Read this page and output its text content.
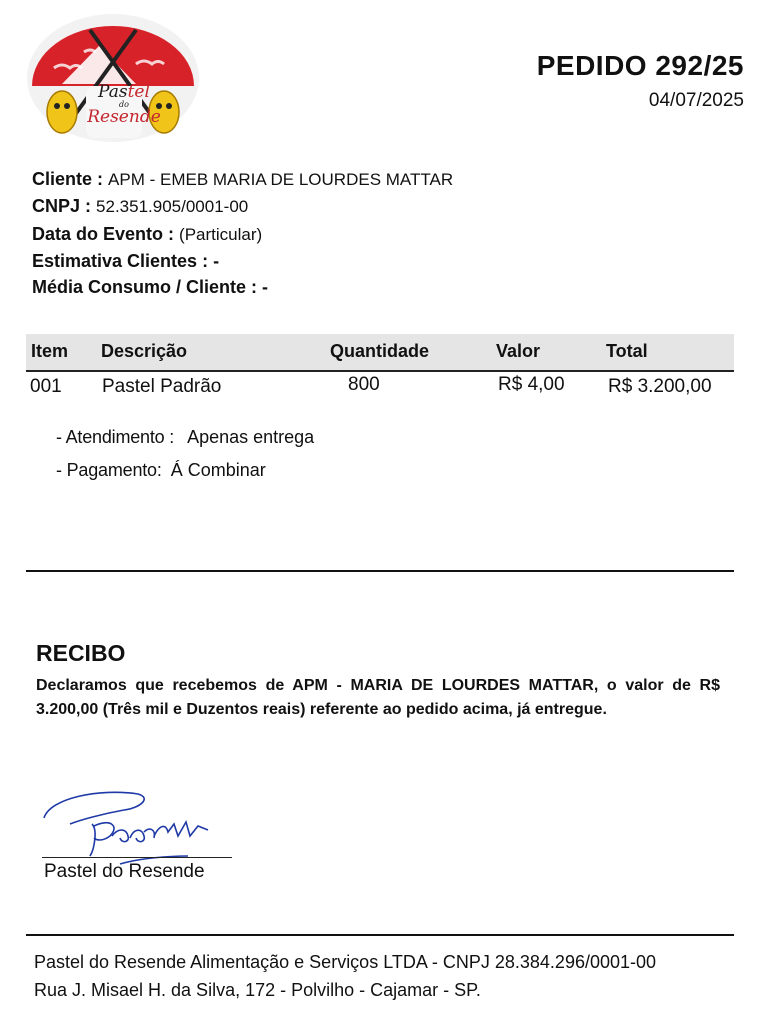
Pastel
do
Resende
PEDIDO 292/25
04/07/2025
Cliente : APM - EMEB MARIA DE LOURDES MATTAR
CNPJ : 52.351.905/0001-00
Data do Evento : (Particular)
Estimativa Clientes : -
Média Consumo / Cliente : -
Item Descrição	Quantidade	Valor	Total
001 Pastel Padrão	800	R$ 4,00 R$ 3.200,00
- Atendimento : Apenas entrega
- Pagamento: Á Combinar
RECIBO
Declaramos que recebemos de APM - MARIA DE LOURDES MATTAR, o valor de R$ 3.200,00 (Três mil e Duzentos reais) referente ao pedido acima, já entregue.
Pastel do Resende
Pastel do Resende Alimentação e Serviços LTDA - CNPJ 28.384.296/0001-00
Rua J. Misael H. da Silva, 172 - Polvilho - Cajamar - SP.
